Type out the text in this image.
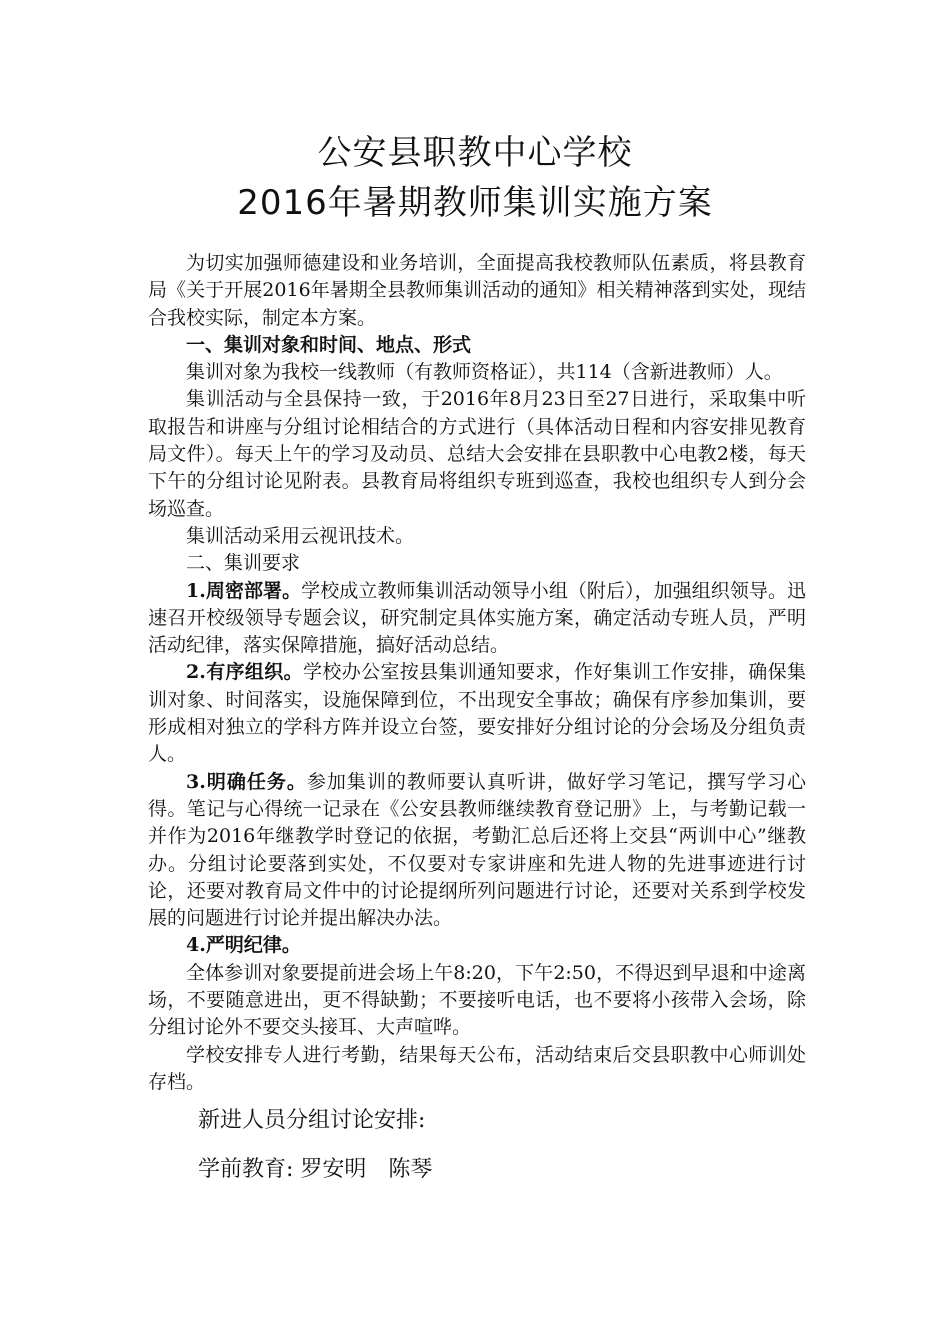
公安县职教中心学校
2016年暑期教师集训实施方案

为切实加强师德建设和业务培训，全面提高我校教师队伍素质，将县教育局《关于开展2016年暑期全县教师集训活动的通知》相关精神落到实处，现结合我校实际，制定本方案。

一、集训对象和时间、地点、形式

集训对象为我校一线教师（有教师资格证），共114（含新进教师）人。

集训活动与全县保持一致，于2016年8月23日至27日进行，采取集中听取报告和讲座与分组讨论相结合的方式进行（具体活动日程和内容安排见教育局文件）。每天上午的学习及动员、总结大会安排在县职教中心电教2楼，每天下午的分组讨论见附表。县教育局将组织专班到巡查，我校也组织专人到分会场巡查。

集训活动采用云视讯技术。

二、集训要求

1.周密部署。学校成立教师集训活动领导小组（附后），加强组织领导。迅速召开校级领导专题会议，研究制定具体实施方案，确定活动专班人员，严明活动纪律，落实保障措施，搞好活动总结。

2.有序组织。学校办公室按县集训通知要求，作好集训工作安排，确保集训对象、时间落实，设施保障到位，不出现安全事故；确保有序参加集训，要形成相对独立的学科方阵并设立台签，要安排好分组讨论的分会场及分组负责人。

3.明确任务。参加集训的教师要认真听讲，做好学习笔记，撰写学习心得。笔记与心得统一记录在《公安县教师继续教育登记册》上，与考勤记载一并作为2016年继教学时登记的依据，考勤汇总后还将上交县“两训中心”继教办。分组讨论要落到实处，不仅要对专家讲座和先进人物的先进事迹进行讨论，还要对教育局文件中的讨论提纲所列问题进行讨论，还要对关系到学校发展的问题进行讨论并提出解决办法。

4.严明纪律。

全体参训对象要提前进会场上午8:20，下午2:50，不得迟到早退和中途离场，不要随意进出，更不得缺勤；不要接听电话，也不要将小孩带入会场，除分组讨论外不要交头接耳、大声喧哗。

学校安排专人进行考勤，结果每天公布，活动结束后交县职教中心师训处存档。

新进人员分组讨论安排:
学前教育: 罗安明　陈琴
